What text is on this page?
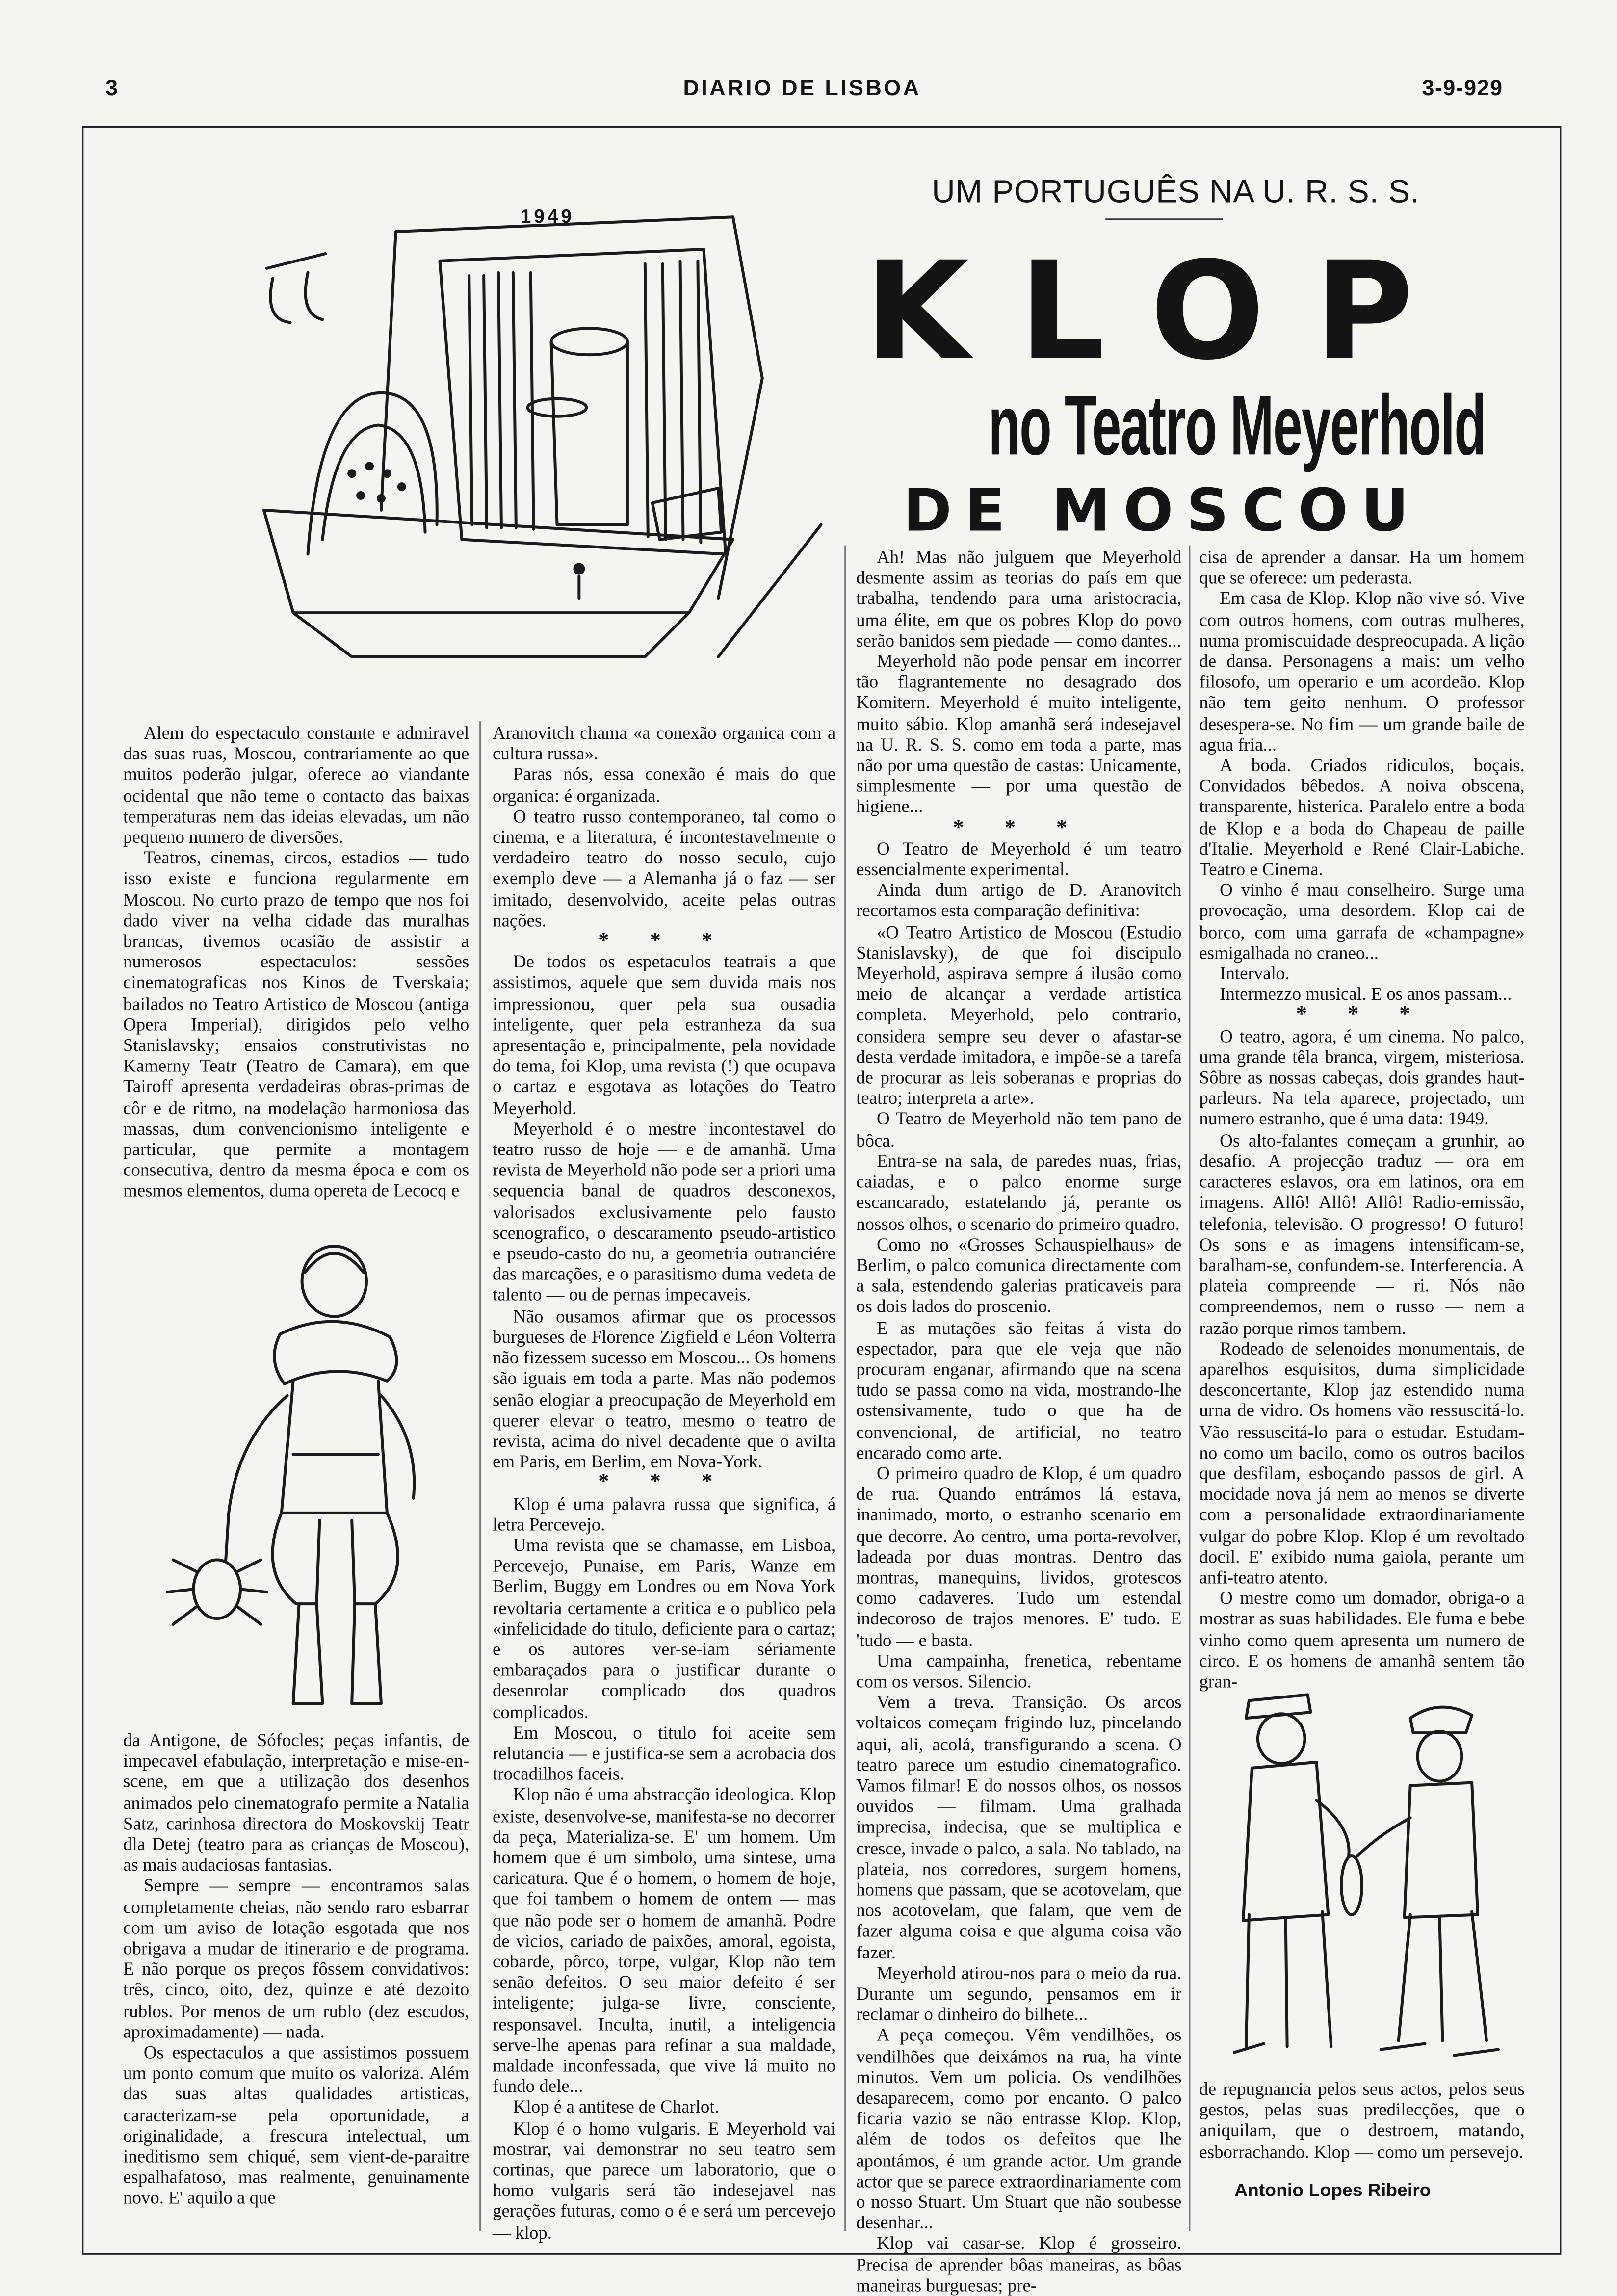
3	DIARIO DE LISBOA	3-9-929
UM PORTUGUÊS NA U. R. S. S.
KLOP
no Teatro Meyerhold
DE MOSCOU
1949

Alem do espectaculo constante e admiravel das suas ruas, Moscou, contrariamente ao que muitos poderão julgar, oferece ao viandante ocidental que não teme o contacto das baixas temperaturas nem das ideias elevadas, um não pequeno numero de diversões.

Teatros, cinemas, circos, estadios — tudo isso existe e funciona regularmente em Moscou. No curto prazo de tempo que nos foi dado viver na velha cidade das muralhas brancas, tivemos ocasião de assistir a numerosos espectaculos: sessões cinematograficas nos Kinos de Tverskaia; bailados no Teatro Artistico de Moscou (antiga Opera Imperial), dirigidos pelo velho Stanislavsky; ensaios construtivistas no Kamerny Teatr (Teatro de Camara), em que Tairoff apresenta verdadeiras obras-primas de côr e de ritmo, na modelação harmoniosa das massas, dum convencionismo inteligente e particular, que permite a montagem consecutiva, dentro da mesma época e com os mesmos elementos, duma opereta de Lecocq e

da Antigone, de Sófocles; peças infantis, de impecavel efabulação, interpretação e mise-en-scene, em que a utilização dos desenhos animados pelo cinematografo permite a Natalia Satz, carinhosa directora do Moskovskij Teatr dla Detej (teatro para as crianças de Moscou), as mais audaciosas fantasias.

Sempre — sempre — encontramos salas completamente cheias, não sendo raro esbarrar com um aviso de lotação esgotada que nos obrigava a mudar de itinerario e de programa. E não porque os preços fôssem convidativos: três, cinco, oito, dez, quinze e até dezoito rublos. Por menos de um rublo (dez escudos, aproximadamente) — nada.

Os espectaculos a que assistimos possuem um ponto comum que muito os valoriza. Além das suas altas qualidades artisticas, caracterizam-se pela oportunidade, a originalidade, a frescura intelectual, um ineditismo sem chiqué, sem vient-de-paraitre espalhafatoso, mas realmente, genuinamente novo. E' aquilo a que

Aranovitch chama «a conexão organica com a cultura russa».

Paras nós, essa conexão é mais do que organica: é organizada.

O teatro russo contemporaneo, tal como o cinema, e a literatura, é incontestavelmente o verdadeiro teatro do nosso seculo, cujo exemplo deve — a Alemanha já o faz — ser imitado, desenvolvido, aceite pelas outras nações.

* * *

De todos os espetaculos teatrais a que assistimos, aquele que sem duvida mais nos impressionou, quer pela sua ousadia inteligente, quer pela estranheza da sua apresentação e, principalmente, pela novidade do tema, foi Klop, uma revista (!) que ocupava o cartaz e esgotava as lotações do Teatro Meyerhold.

Meyerhold é o mestre incontestavel do teatro russo de hoje — e de amanhã. Uma revista de Meyerhold não pode ser a priori uma sequencia banal de quadros desconexos, valorisados exclusivamente pelo fausto scenografico, o descaramento pseudo-artistico e pseudo-casto do nu, a geometria outranciére das marcações, e o parasitismo duma vedeta de talento — ou de pernas impecaveis.

Não ousamos afirmar que os processos burgueses de Florence Zigfield e Léon Volterra não fizessem sucesso em Moscou... Os homens são iguais em toda a parte. Mas não podemos senão elogiar a preocupação de Meyerhold em querer elevar o teatro, mesmo o teatro de revista, acima do nivel decadente que o avilta em Paris, em Berlim, em Nova-York.

* * *

Klop é uma palavra russa que significa, á letra Percevejo.

Uma revista que se chamasse, em Lisboa, Percevejo, Punaise, em Paris, Wanze em Berlim, Buggy em Londres ou em Nova York revoltaria certamente a critica e o publico pela «infelicidade do titulo, deficiente para o cartaz; e os autores ver-se-iam sériamente embaraçados para o justificar durante o desenrolar complicado dos quadros complicados.

Em Moscou, o titulo foi aceite sem relutancia — e justifica-se sem a acrobacia dos trocadilhos faceis.

Klop não é uma abstracção ideologica. Klop existe, desenvolve-se, manifesta-se no decorrer da peça, Materializa-se. E' um homem. Um homem que é um simbolo, uma sintese, uma caricatura. Que é o homem, o homem de hoje, que foi tambem o homem de ontem — mas que não pode ser o homem de amanhã. Podre de vicios, cariado de paixões, amoral, egoista, cobarde, pôrco, torpe, vulgar, Klop não tem senão defeitos. O seu maior defeito é ser inteligente; julga-se livre, consciente, responsavel. Inculta, inutil, a inteligencia serve-lhe apenas para refinar a sua maldade, maldade inconfessada, que vive lá muito no fundo dele...

Klop é a antitese de Charlot.

Klop é o homo vulgaris. E Meyerhold vai mostrar, vai demonstrar no seu teatro sem cortinas, que parece um laboratorio, que o homo vulgaris será tão indesejavel nas gerações futuras, como o é e será um percevejo — klop.

Ah! Mas não julguem que Meyerhold desmente assim as teorias do país em que trabalha, tendendo para uma aristocracia, uma élite, em que os pobres Klop do povo serão banidos sem piedade — como dantes...

Meyerhold não pode pensar em incorrer tão flagrantemente no desagrado dos Komitern. Meyerhold é muito inteligente, muito sábio. Klop amanhã será indesejavel na U. R. S. S. como em toda a parte, mas não por uma questão de castas: Unicamente, simplesmente — por uma questão de higiene...

* * *

O Teatro de Meyerhold é um teatro essencialmente experimental.

Ainda dum artigo de D. Aranovitch recortamos esta comparação definitiva:

«O Teatro Artistico de Moscou (Estudio Stanislavsky), de que foi discipulo Meyerhold, aspirava sempre á ilusão como meio de alcançar a verdade artistica completa. Meyerhold, pelo contrario, considera sempre seu dever o afastar-se desta verdade imitadora, e impõe-se a tarefa de procurar as leis soberanas e proprias do teatro; interpreta a arte».

O Teatro de Meyerhold não tem pano de bôca.

Entra-se na sala, de paredes nuas, frias, caiadas, e o palco enorme surge escancarado, estatelando já, perante os nossos olhos, o scenario do primeiro quadro.

Como no «Grosses Schauspielhaus» de Berlim, o palco comunica directamente com a sala, estendendo galerias praticaveis para os dois lados do proscenio.

E as mutações são feitas á vista do espectador, para que ele veja que não procuram enganar, afirmando que na scena tudo se passa como na vida, mostrando-lhe ostensivamente, tudo o que ha de convencional, de artificial, no teatro encarado como arte.

O primeiro quadro de Klop, é um quadro de rua. Quando entrámos lá estava, inanimado, morto, o estranho scenario em que decorre. Ao centro, uma porta-revolver, ladeada por duas montras. Dentro das montras, manequins, lividos, grotescos como cadaveres. Tudo um estendal indecoroso de trajos menores. E' tudo. E 'tudo — e basta.

Uma campainha, frenetica, rebentame com os versos. Silencio.

Vem a treva. Transição. Os arcos voltaicos começam frigindo luz, pincelando aqui, ali, acolá, transfigurando a scena. O teatro parece um estudio cinematografico. Vamos filmar! E do nossos olhos, os nossos ouvidos — filmam. Uma gralhada imprecisa, indecisa, que se multiplica e cresce, invade o palco, a sala. No tablado, na plateia, nos corredores, surgem homens, homens que passam, que se acotovelam, que nos acotovelam, que falam, que vem de fazer alguma coisa e que alguma coisa vão fazer.

Meyerhold atirou-nos para o meio da rua. Durante um segundo, pensamos em ir reclamar o dinheiro do bilhete...

A peça começou. Vêm vendilhões, os vendilhões que deixámos na rua, ha vinte minutos. Vem um policia. Os vendilhões desaparecem, como por encanto. O palco ficaria vazio se não entrasse Klop. Klop, além de todos os defeitos que lhe apontámos, é um grande actor. Um grande actor que se parece extraordinariamente com o nosso Stuart. Um Stuart que não soubesse desenhar...

Klop vai casar-se. Klop é grosseiro. Precisa de aprender bôas maneiras, as bôas maneiras burguesas; pre-

cisa de aprender a dansar. Ha um homem que se oferece: um pederasta.

Em casa de Klop. Klop não vive só. Vive com outros homens, com outras mulheres, numa promiscuidade despreocupada. A lição de dansa. Personagens a mais: um velho filosofo, um operario e um acordeão. Klop não tem geito nenhum. O professor desespera-se. No fim — um grande baile de agua fria...

A boda. Criados ridiculos, boçais. Convidados bêbedos. A noiva obscena, transparente, histerica. Paralelo entre a boda de Klop e a boda do Chapeau de paille d'Italie. Meyerhold e René Clair-Labiche. Teatro e Cinema.

O vinho é mau conselheiro. Surge uma provocação, uma desordem. Klop cai de borco, com uma garrafa de «champagne» esmigalhada no craneo...

Intervalo.

Intermezzo musical. E os anos passam...

* * *

O teatro, agora, é um cinema. No palco, uma grande têla branca, virgem, misteriosa. Sôbre as nossas cabeças, dois grandes haut-parleurs. Na tela aparece, projectado, um numero estranho, que é uma data: 1949.

Os alto-falantes começam a grunhir, ao desafio. A projecção traduz — ora em caracteres eslavos, ora em latinos, ora em imagens. Allô! Allô! Allô! Radio-emissão, telefonia, televisão. O progresso! O futuro! Os sons e as imagens intensificam-se, baralham-se, confundem-se. Interferencia. A plateia compreende — ri. Nós não compreendemos, nem o russo — nem a razão porque rimos tambem.

Rodeado de selenoides monumentais, de aparelhos esquisitos, duma simplicidade desconcertante, Klop jaz estendido numa urna de vidro. Os homens vão ressuscitá-lo. Vão ressuscitá-lo para o estudar. Estudam-no como um bacilo, como os outros bacilos que desfilam, esboçando passos de girl. A mocidade nova já nem ao menos se diverte com a personalidade extraordinariamente vulgar do pobre Klop. Klop é um revoltado docil. E' exibido numa gaiola, perante um anfi-teatro atento.

O mestre como um domador, obriga-o a mostrar as suas habilidades. Ele fuma e bebe vinho como quem apresenta um numero de circo. E os homens de amanhã sentem tão gran-

de repugnancia pelos seus actos, pelos seus gestos, pelas suas predilecções, que o aniquilam, que o destroem, matando, esborrachando. Klop — como um persevejo.

Antonio Lopes Ribeiro
